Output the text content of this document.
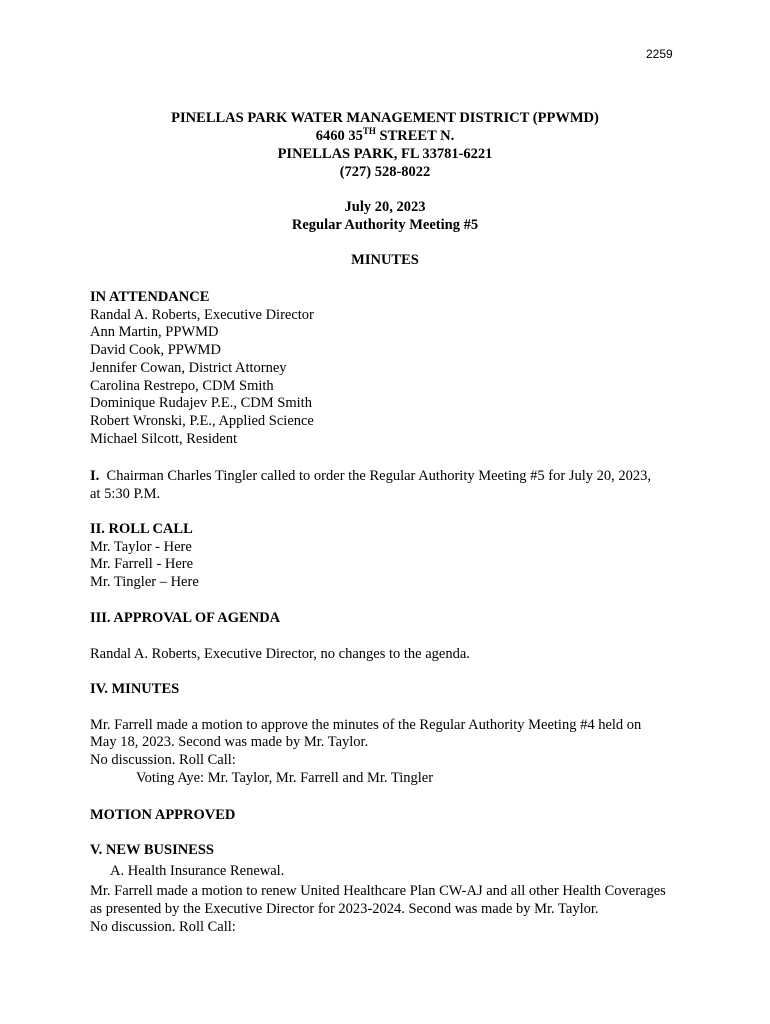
2259
PINELLAS PARK WATER MANAGEMENT DISTRICT (PPWMD)
6460 35TH STREET N.
PINELLAS PARK, FL 33781-6221
(727) 528-8022
July 20, 2023
Regular Authority Meeting #5
MINUTES
IN ATTENDANCE
Randal A. Roberts, Executive Director
Ann Martin, PPWMD
David Cook, PPWMD
Jennifer Cowan, District Attorney
Carolina Restrepo, CDM Smith
Dominique Rudajev P.E., CDM Smith
Robert Wronski, P.E., Applied Science
Michael Silcott, Resident
I. Chairman Charles Tingler called to order the Regular Authority Meeting #5 for July 20, 2023,
at 5:30 P.M.
II. ROLL CALL
Mr. Taylor - Here
Mr. Farrell - Here
Mr. Tingler – Here
III. APPROVAL OF AGENDA
Randal A. Roberts, Executive Director, no changes to the agenda.
IV. MINUTES
Mr. Farrell made a motion to approve the minutes of the Regular Authority Meeting #4 held on
May 18, 2023. Second was made by Mr. Taylor.
No discussion. Roll Call:
Voting Aye: Mr. Taylor, Mr. Farrell and Mr. Tingler
MOTION APPROVED
V. NEW BUSINESS
A. Health Insurance Renewal.
Mr. Farrell made a motion to renew United Healthcare Plan CW-AJ and all other Health Coverages
as presented by the Executive Director for 2023-2024. Second was made by Mr. Taylor.
No discussion. Roll Call:
